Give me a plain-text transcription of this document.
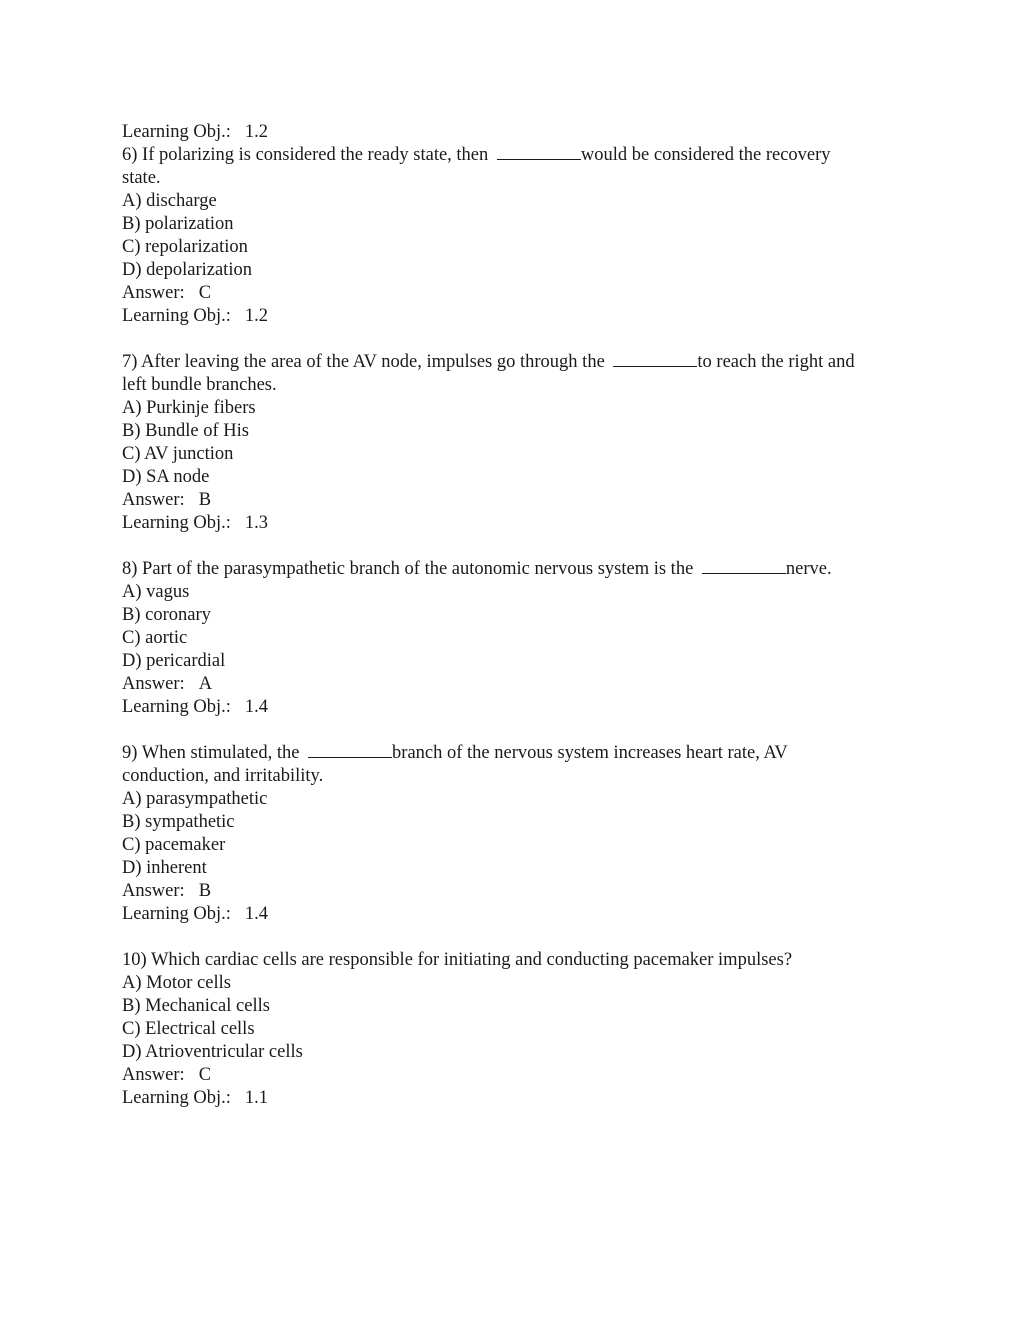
Learning Obj.: 1.2
6) If polarizing is considered the ready state, then	would be considered the recovery
state.
A) discharge
B) polarization
C) repolarization
D) depolarization
Answer: C
Learning Obj.: 1.2
7) After leaving the area of the AV node, impulses go through the	to reach the right and
left bundle branches.
A) Purkinje fibers
B) Bundle of His
C) AV junction
D) SA node
Answer: B
Learning Obj.: 1.3
8) Part of the parasympathetic branch of the autonomic nervous system is the	nerve.
A) vagus
B) coronary
C) aortic
D) pericardial
Answer: A
Learning Obj.: 1.4
9) When stimulated, the	branch of the nervous system increases heart rate, AV
conduction, and irritability.
A) parasympathetic
B) sympathetic
C) pacemaker
D) inherent
Answer: B
Learning Obj.: 1.4
10) Which cardiac cells are responsible for initiating and conducting pacemaker impulses?
A) Motor cells
B) Mechanical cells
C) Electrical cells
D) Atrioventricular cells
Answer: C
Learning Obj.: 1.1
